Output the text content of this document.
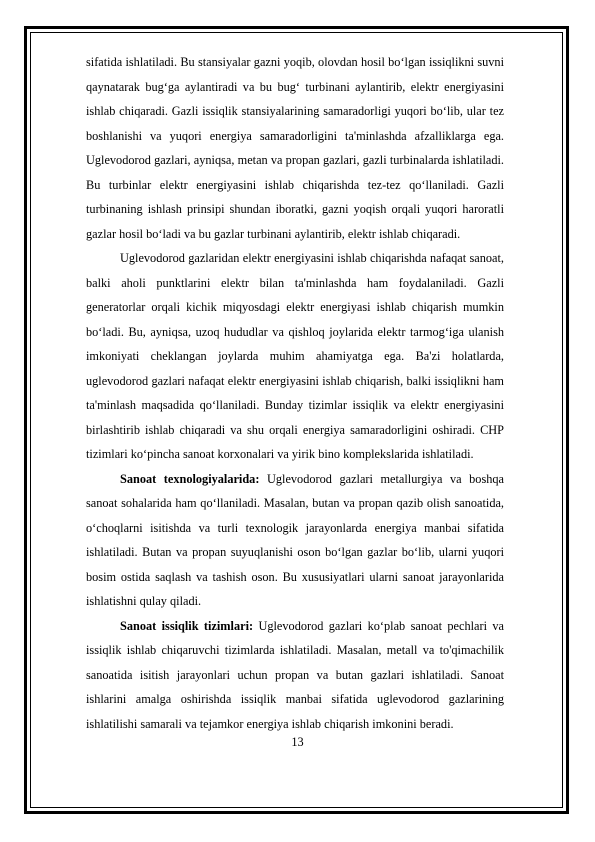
sifatida ishlatiladi. Bu stansiyalar gazni yoqib, olovdan hosil bo‘lgan issiqlikni suvni qaynatarak bug‘ga aylantiradi va bu bug‘ turbinani aylantirib, elektr energiyasini ishlab chiqaradi. Gazli issiqlik stansiyalarining samaradorligi yuqori bo‘lib, ular tez boshlanishi va yuqori energiya samaradorligini ta'minlashda afzalliklarga ega. Uglevodorod gazlari, ayniqsa, metan va propan gazlari, gazli turbinalarda ishlatiladi. Bu turbinlar elektr energiyasini ishlab chiqarishda tez-tez qo‘llaniladi. Gazli turbinaning ishlash prinsipi shundan iboratki, gazni yoqish orqali yuqori haroratli gazlar hosil bo‘ladi va bu gazlar turbinani aylantirib, elektr ishlab chiqaradi.

Uglevodorod gazlaridan elektr energiyasini ishlab chiqarishda nafaqat sanoat, balki aholi punktlarini elektr bilan ta'minlashda ham foydalaniladi. Gazli generatorlar orqali kichik miqyosdagi elektr energiyasi ishlab chiqarish mumkin bo‘ladi. Bu, ayniqsa, uzoq hududlar va qishloq joylarida elektr tarmog‘iga ulanish imkoniyati cheklangan joylarda muhim ahamiyatga ega. Ba'zi holatlarda, uglevodorod gazlari nafaqat elektr energiyasini ishlab chiqarish, balki issiqlikni ham ta'minlash maqsadida qo‘llaniladi. Bunday tizimlar issiqlik va elektr energiyasini birlashtirib ishlab chiqaradi va shu orqali energiya samaradorligini oshiradi. CHP tizimlari ko‘pincha sanoat korxonalari va yirik bino komplekslarida ishlatiladi.

Sanoat texnologiyalarida: Uglevodorod gazlari metallurgiya va boshqa sanoat sohalarida ham qo‘llaniladi. Masalan, butan va propan qazib olish sanoatida, o‘choqlarni isitishda va turli texnologik jarayonlarda energiya manbai sifatida ishlatiladi. Butan va propan suyuqlanishi oson bo‘lgan gazlar bo‘lib, ularni yuqori bosim ostida saqlash va tashish oson. Bu xususiyatlari ularni sanoat jarayonlarida ishlatishni qulay qiladi.

Sanoat issiqlik tizimlari: Uglevodorod gazlari ko‘plab sanoat pechlari va issiqlik ishlab chiqaruvchi tizimlarda ishlatiladi. Masalan, metall va to'qimachilik sanoatida isitish jarayonlari uchun propan va butan gazlari ishlatiladi. Sanoat ishlarini amalga oshirishda issiqlik manbai sifatida uglevodorod gazlarining ishlatilishi samarali va tejamkor energiya ishlab chiqarish imkonini beradi.

13
